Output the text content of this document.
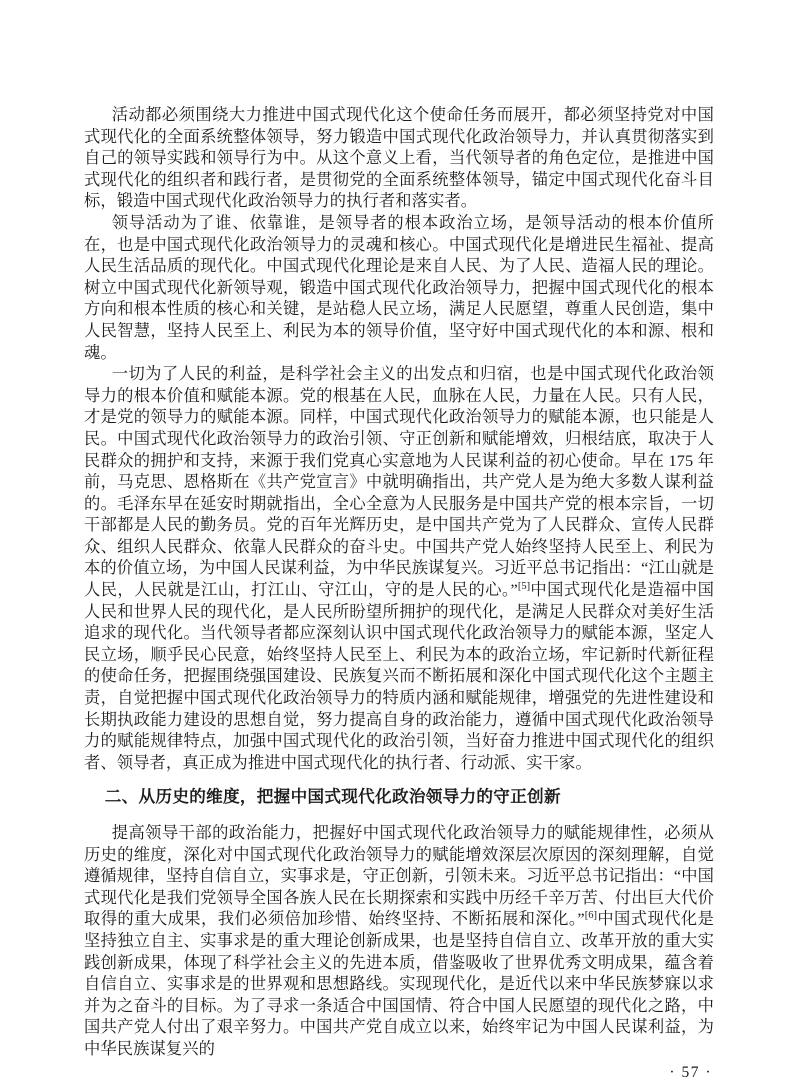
活动都必须围绕大力推进中国式现代化这个使命任务而展开，都必须坚持党对中国式现代化的全面系统整体领导，努力锻造中国式现代化政治领导力，并认真贯彻落实到自己的领导实践和领导行为中。从这个意义上看，当代领导者的角色定位，是推进中国式现代化的组织者和践行者，是贯彻党的全面系统整体领导，锚定中国式现代化奋斗目标，锻造中国式现代化政治领导力的执行者和落实者。

领导活动为了谁、依靠谁，是领导者的根本政治立场，是领导活动的根本价值所在，也是中国式现代化政治领导力的灵魂和核心。中国式现代化是增进民生福祉、提高人民生活品质的现代化。中国式现代化理论是来自人民、为了人民、造福人民的理论。树立中国式现代化新领导观，锻造中国式现代化政治领导力，把握中国式现代化的根本方向和根本性质的核心和关键，是站稳人民立场，满足人民愿望，尊重人民创造，集中人民智慧，坚持人民至上、利民为本的领导价值，坚守好中国式现代化的本和源、根和魂。

一切为了人民的利益，是科学社会主义的出发点和归宿，也是中国式现代化政治领导力的根本价值和赋能本源。党的根基在人民，血脉在人民，力量在人民。只有人民，才是党的领导力的赋能本源。同样，中国式现代化政治领导力的赋能本源，也只能是人民。中国式现代化政治领导力的政治引领、守正创新和赋能增效，归根结底，取决于人民群众的拥护和支持，来源于我们党真心实意地为人民谋利益的初心使命。早在 175 年前，马克思、恩格斯在《共产党宣言》中就明确指出，共产党人是为绝大多数人谋利益的。毛泽东早在延安时期就指出，全心全意为人民服务是中国共产党的根本宗旨，一切干部都是人民的勤务员。党的百年光辉历史，是中国共产党为了人民群众、宣传人民群众、组织人民群众、依靠人民群众的奋斗史。中国共产党人始终坚持人民至上、利民为本的价值立场，为中国人民谋利益，为中华民族谋复兴。习近平总书记指出：“江山就是人民，人民就是江山，打江山、守江山，守的是人民的心。”[5]中国式现代化是造福中国人民和世界人民的现代化，是人民所盼望所拥护的现代化，是满足人民群众对美好生活追求的现代化。当代领导者都应深刻认识中国式现代化政治领导力的赋能本源，坚定人民立场，顺乎民心民意，始终坚持人民至上、利民为本的政治立场，牢记新时代新征程的使命任务，把握围绕强国建设、民族复兴而不断拓展和深化中国式现代化这个主题主责，自觉把握中国式现代化政治领导力的特质内涵和赋能规律，增强党的先进性建设和长期执政能力建设的思想自觉，努力提高自身的政治能力，遵循中国式现代化政治领导力的赋能规律特点，加强中国式现代化的政治引领，当好奋力推进中国式现代化的组织者、领导者，真正成为推进中国式现代化的执行者、行动派、实干家。

二、从历史的维度，把握中国式现代化政治领导力的守正创新

提高领导干部的政治能力，把握好中国式现代化政治领导力的赋能规律性，必须从历史的维度，深化对中国式现代化政治领导力的赋能增效深层次原因的深刻理解，自觉遵循规律，坚持自信自立，实事求是，守正创新，引领未来。习近平总书记指出：“中国式现代化是我们党领导全国各族人民在长期探索和实践中历经千辛万苦、付出巨大代价取得的重大成果，我们必须倍加珍惜、始终坚持、不断拓展和深化。”[6]中国式现代化是坚持独立自主、实事求是的重大理论创新成果，也是坚持自信自立、改革开放的重大实践创新成果，体现了科学社会主义的先进本质，借鉴吸收了世界优秀文明成果，蕴含着自信自立、实事求是的世界观和思想路线。实现现代化，是近代以来中华民族梦寐以求并为之奋斗的目标。为了寻求一条适合中国国情、符合中国人民愿望的现代化之路，中国共产党人付出了艰辛努力。中国共产党自成立以来，始终牢记为中国人民谋利益，为中华民族谋复兴的

· 57 ·
